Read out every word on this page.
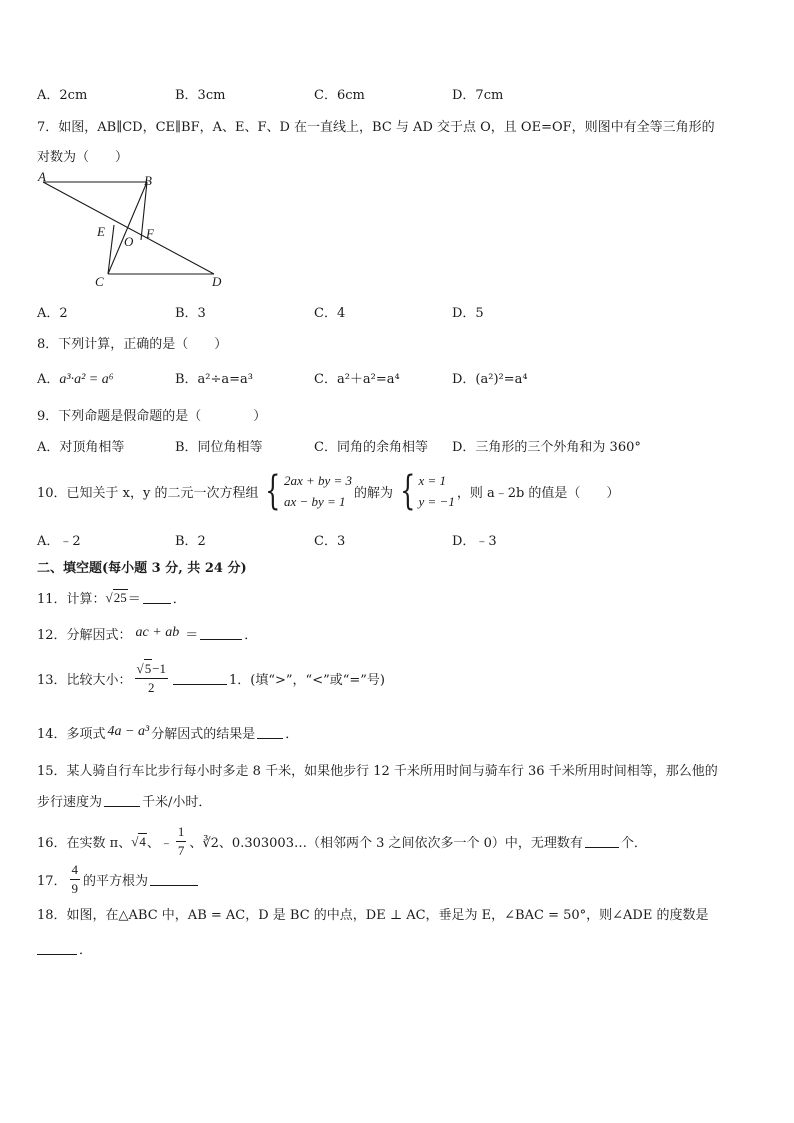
A．2cm	B．3cm	C．6cm	D．7cm
7．如图，AB∥CD，CE∥BF，A、E、F、D 在一直线上，BC 与 AD 交于点 O，且 OE=OF，则图中有全等三角形的
对数为（　　）
A	B
E
O
F
C	D
A．2	B．3	C．4	D．5
8．下列计算，正确的是（　　）
A．a³·a² = a⁶	B．a²÷a=a³	C．a²＋a²=a⁴	D．(a²)²=a⁴
9．下列命题是假命题的是（　　　　）
A．对顶角相等	B．同位角相等	C．同角的余角相等 D．三角形的三个外角和为 360°
10．已知关于 x，y 的二元一次方程组 { 2ax + by = 3
ax − by = 1
的解为 { x = 1
y = −1
，则 a﹣2b 的值是（　　）
A．﹣2	B．2	C．3	D．﹣3
二、填空题(每小题 3 分, 共 24 分)
11．计算： √ 25 ＝ ．
12．分解因式： ac + ab ＝	．
13．比较大小： $\frac{√ 5 -1}{2}$	1．(填“>”，“<”或“=”号)
14．多项式 4a − a³ 分解因式的结果是 ．
15．某人骑自行车比步行每小时多走 8 千米，如果他步行 12 千米所用时间与骑车行 36 千米所用时间相等，那么他的
步行速度为	千米/小时．
16．在实数 π、 √ 4 、﹣ $\frac{1}{7}$ 、∛2、0.303003…（相邻两个 3 之间依次多一个 0）中，无理数有	个．
17． $\frac{4}{9}$ 的平方根为
18．如图，在△ABC 中，AB = AC，D 是 BC 的中点，DE ⊥ AC，垂足为 E，∠BAC = 50°，则∠ADE 的度数是
．
